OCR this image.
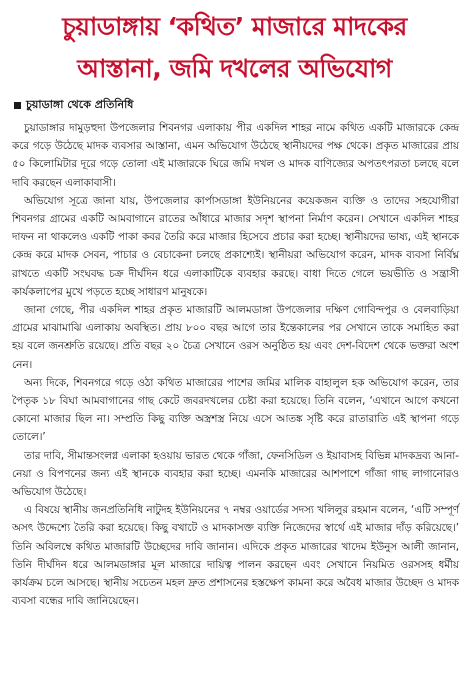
চুয়াডাঙ্গায় ‘কথিত’ মাজারে মাদকের
আস্তানা, জমি দখলের অভিযোগ
চুয়াডাঙ্গা থেকে প্রতিনিধি

চুয়াডাঙ্গার দামুড়হুদা উপজেলার শিবনগর এলাকায় পীর একদিল শাহর নামে কথিত একটি মাজারকে কেন্দ্র করে গড়ে উঠেছে মাদক ব্যবসার আস্তানা, এমন অভিযোগ উঠেছে স্থানীয়দের পক্ষ থেকে। প্রকৃত মাজারের প্রায় ৫০ কিলোমিটার দূরে গড়ে তোলা এই মাজারকে ঘিরে জমি দখল ও মাদক বাণিজ্যের অপতৎপরতা চলছে বলে দাবি করছেন এলাকাবাসী।

অভিযোগ সূত্রে জানা যায়, উপজেলার কার্পাসডাঙ্গা ইউনিয়নের কয়েকজন ব্যক্তি ও তাদের সহযোগীরা শিবনগর গ্রামের একটি আমবাগানে রাতের আঁধারে মাজার সদৃশ স্থাপনা নির্মাণ করেন। সেখানে একদিল শাহর দাফন না থাকলেও একটি পাকা কবর তৈরি করে মাজার হিসেবে প্রচার করা হচ্ছে। স্থানীয়দের ভাষ্য, এই স্থানকে কেন্দ্র করে মাদক সেবন, পাচার ও বেচাকেনা চলছে প্রকাশ্যেই। স্থানীয়রা অভিযোগ করেন, মাদক ব্যবসা নির্বিঘ্ন রাখতে একটি সংঘবদ্ধ চক্র দীর্ঘদিন ধরে এলাকাটিকে ব্যবহার করছে। বাধা দিতে গেলে ভয়ভীতি ও সন্ত্রাসী কার্যকলাপের মুখে পড়তে হচ্ছে সাধারণ মানুষকে।

জানা গেছে, পীর একদিল শাহর প্রকৃত মাজারটি আলমডাঙ্গা উপজেলার দক্ষিণ গোবিন্দপুর ও বেলবাড়িয়া গ্রামের মাঝামাঝি এলাকায় অবস্থিত। প্রায় ৮০০ বছর আগে তার ইন্তেকালের পর সেখানে তাকে সমাহিত করা হয় বলে জনশ্রুতি রয়েছে। প্রতি বছর ২০ চৈত্র সেখানে ওরস অনুষ্ঠিত হয় এবং দেশ-বিদেশ থেকে ভক্তরা অংশ নেন।

অন্য দিকে, শিবনগরে গড়ে ওঠা কথিত মাজারের পাশের জমির মালিক বাহালুল হক অভিযোগ করেন, তার পৈতৃক ১৮ বিঘা আমবাগানের গাছ কেটে জবরদখলের চেষ্টা করা হয়েছে। তিনি বলেন, ‘এখানে আগে কখনো কোনো মাজার ছিল না। সম্প্রতি কিছু ব্যক্তি অস্ত্রশস্ত্র নিয়ে এসে আতঙ্ক সৃষ্টি করে রাতারাতি এই স্থাপনা গড়ে তোলে।’

তার দাবি, সীমান্তসংলগ্ন এলাকা হওয়ায় ভারত থেকে গাঁজা, ফেনসিডিল ও ইয়াবাসহ বিভিন্ন মাদকদ্রব্য আনা-নেয়া ও বিপণনের জন্য এই স্থানকে ব্যবহার করা হচ্ছে। এমনকি মাজারের আশপাশে গাঁজা গাছ লাগানোরও অভিযোগ উঠেছে।

এ বিষয়ে স্থানীয় জনপ্রতিনিধি নাটুদহ ইউনিয়নের ৭ নম্বর ওয়ার্ডের সদস্য খলিলুর রহমান বলেন, ‘এটি সম্পূর্ণ অসৎ উদ্দেশ্যে তৈরি করা হয়েছে। কিছু বখাটে ও মাদকাসক্ত ব্যক্তি নিজেদের স্বার্থে এই মাজার দাঁড় করিয়েছে।’ তিনি অবিলম্বে কথিত মাজারটি উচ্ছেদের দাবি জানান। এদিকে প্রকৃত মাজারের খাদেম ইউনুস আলী জানান, তিনি দীর্ঘদিন ধরে আলমডাঙ্গার মূল মাজারে দায়িত্ব পালন করছেন এবং সেখানে নিয়মিত ওরসসহ ধর্মীয় কার্যক্রম চলে আসছে। স্থানীয় সচেতন মহল দ্রুত প্রশাসনের হস্তক্ষেপ কামনা করে অবৈধ মাজার উচ্ছেদ ও মাদক ব্যবসা বন্ধের দাবি জানিয়েছেন।
